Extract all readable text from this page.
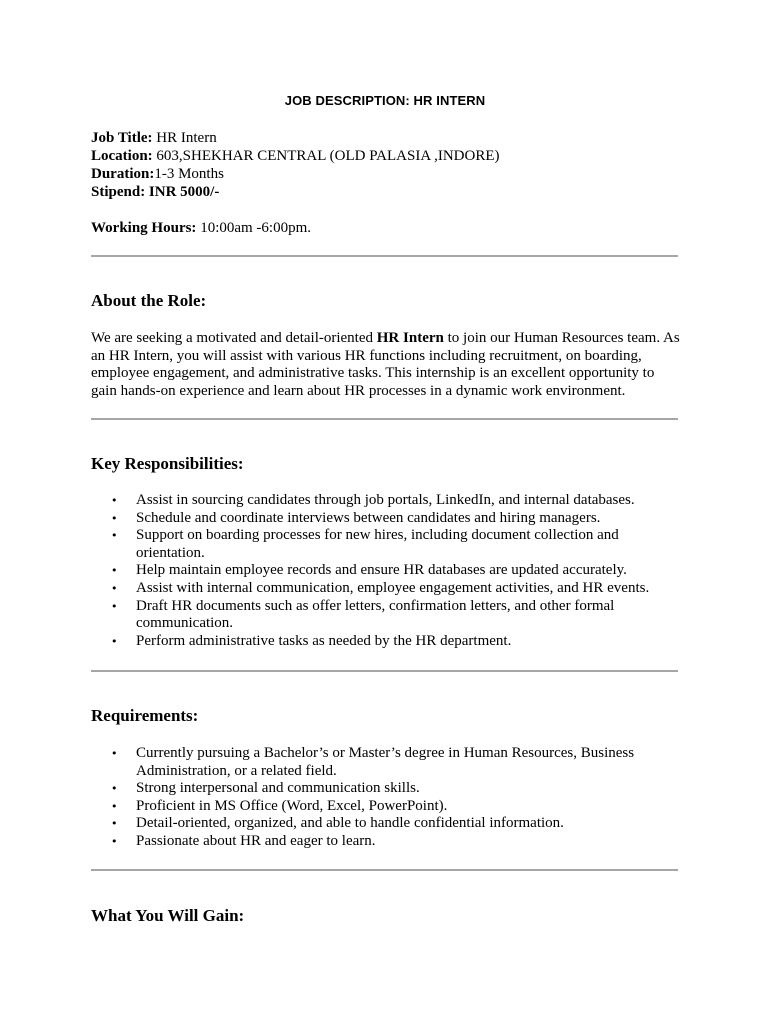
JOB DESCRIPTION: HR INTERN
Job Title: HR Intern
Location: 603,SHEKHAR CENTRAL (OLD PALASIA ,INDORE)
Duration:1-3 Months
Stipend: INR 5000/-
Working Hours: 10:00am -6:00pm.
About the Role:
We are seeking a motivated and detail-oriented HR Intern to join our Human Resources team. As an HR Intern, you will assist with various HR functions including recruitment, on boarding, employee engagement, and administrative tasks. This internship is an excellent opportunity to gain hands-on experience and learn about HR processes in a dynamic work environment.
Key Responsibilities:
• Assist in sourcing candidates through job portals, LinkedIn, and internal databases.
• Schedule and coordinate interviews between candidates and hiring managers.
• Support on boarding processes for new hires, including document collection and orientation.
• Help maintain employee records and ensure HR databases are updated accurately.
• Assist with internal communication, employee engagement activities, and HR events.
• Draft HR documents such as offer letters, confirmation letters, and other formal communication.
• Perform administrative tasks as needed by the HR department.
Requirements:
• Currently pursuing a Bachelor’s or Master’s degree in Human Resources, Business Administration, or a related field.
• Strong interpersonal and communication skills.
• Proficient in MS Office (Word, Excel, PowerPoint).
• Detail-oriented, organized, and able to handle confidential information.
• Passionate about HR and eager to learn.
What You Will Gain:
